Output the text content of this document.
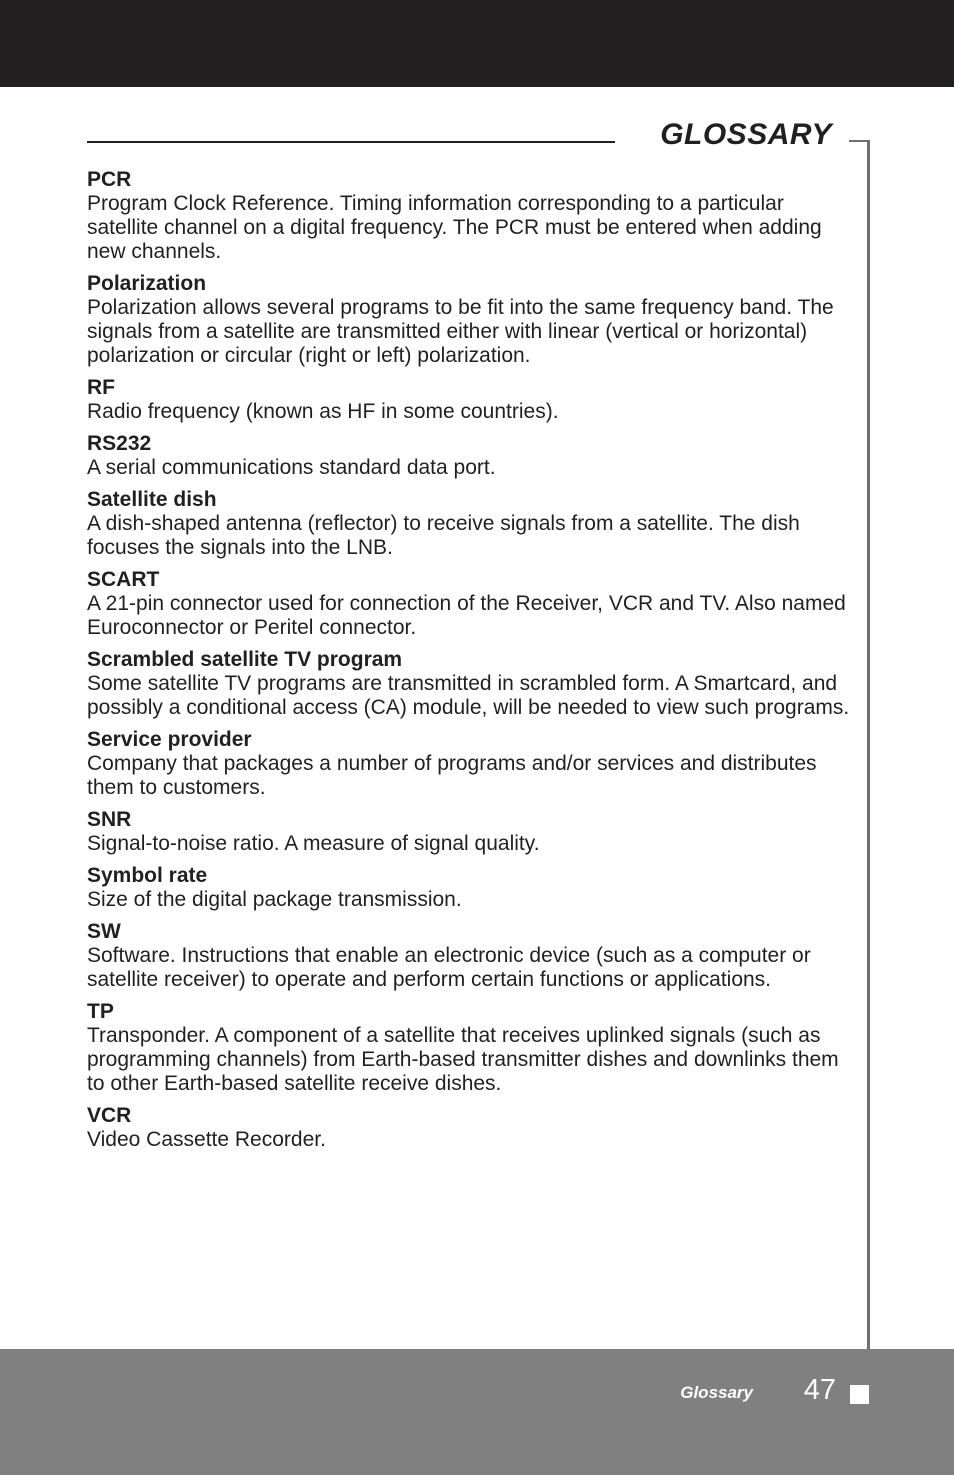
GLOSSARY
PCR
Program Clock Reference. Timing information corresponding to a particular satellite channel on a digital frequency. The PCR must be entered when adding new channels.
Polarization
Polarization allows several programs to be fit into the same frequency band. The signals from a satellite are transmitted either with linear (vertical or horizontal) polarization or circular (right or left) polarization.
RF
Radio frequency (known as HF in some countries).
RS232
A serial communications standard data port.
Satellite dish
A dish-shaped antenna (reflector) to receive signals from a satellite. The dish focuses the signals into the LNB.
SCART
A 21-pin connector used for connection of the Receiver, VCR and TV. Also named Euroconnector or Peritel connector.
Scrambled satellite TV program
Some satellite TV programs are transmitted in scrambled form. A Smartcard, and possibly a conditional access (CA) module, will be needed to view such programs.
Service provider
Company that packages a number of programs and/or services and distributes them to customers.
SNR
Signal-to-noise ratio. A measure of signal quality.
Symbol rate
Size of the digital package transmission.
SW
Software. Instructions that enable an electronic device (such as a computer or satellite receiver) to operate and perform certain functions or applications.
TP
Transponder. A component of a satellite that receives uplinked signals (such as programming channels) from Earth-based transmitter dishes and downlinks them to other Earth-based satellite receive dishes.
VCR
Video Cassette Recorder.
Glossary	47
